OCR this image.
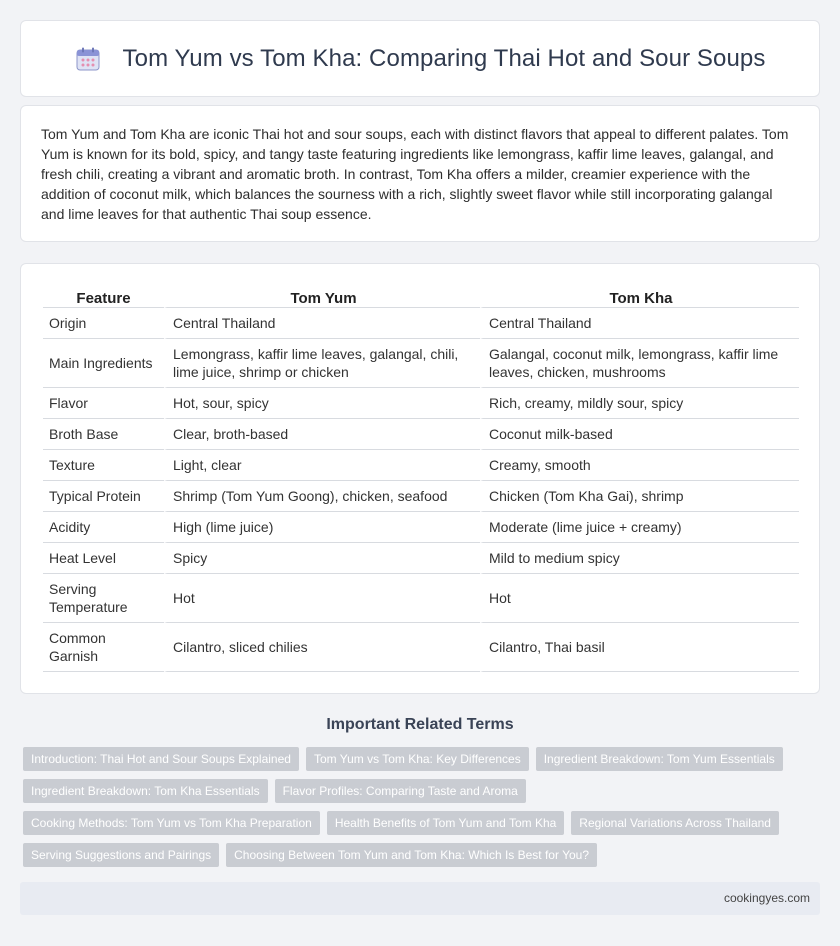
Tom Yum vs Tom Kha: Comparing Thai Hot and Sour Soups

Tom Yum and Tom Kha are iconic Thai hot and sour soups, each with distinct flavors that appeal to different palates. Tom Yum is known for its bold, spicy, and tangy taste featuring ingredients like lemongrass, kaffir lime leaves, galangal, and fresh chili, creating a vibrant and aromatic broth. In contrast, Tom Kha offers a milder, creamier experience with the addition of coconut milk, which balances the sourness with a rich, slightly sweet flavor while still incorporating galangal and lime leaves for that authentic Thai soup essence.

Feature	Tom Yum	Tom Kha
Origin	Central Thailand	Central Thailand
Main Ingredients	Lemongrass, kaffir lime leaves, galangal, chili, lime juice, shrimp or chicken	Galangal, coconut milk, lemongrass, kaffir lime leaves, chicken, mushrooms
Flavor	Hot, sour, spicy	Rich, creamy, mildly sour, spicy
Broth Base	Clear, broth-based	Coconut milk-based
Texture	Light, clear	Creamy, smooth
Typical Protein	Shrimp (Tom Yum Goong), chicken, seafood	Chicken (Tom Kha Gai), shrimp
Acidity	High (lime juice)	Moderate (lime juice + creamy)
Heat Level	Spicy	Mild to medium spicy
Serving Temperature	Hot	Hot
Common Garnish	Cilantro, sliced chilies	Cilantro, Thai basil
Important Related Terms
Introduction: Thai Hot and Sour Soups Explained	Tom Yum vs Tom Kha: Key Differences	Ingredient Breakdown: Tom Yum Essentials
Ingredient Breakdown: Tom Kha Essentials	Flavor Profiles: Comparing Taste and Aroma
Cooking Methods: Tom Yum vs Tom Kha Preparation	Health Benefits of Tom Yum and Tom Kha	Regional Variations Across Thailand
Serving Suggestions and Pairings	Choosing Between Tom Yum and Tom Kha: Which Is Best for You?
cookingyes.com
